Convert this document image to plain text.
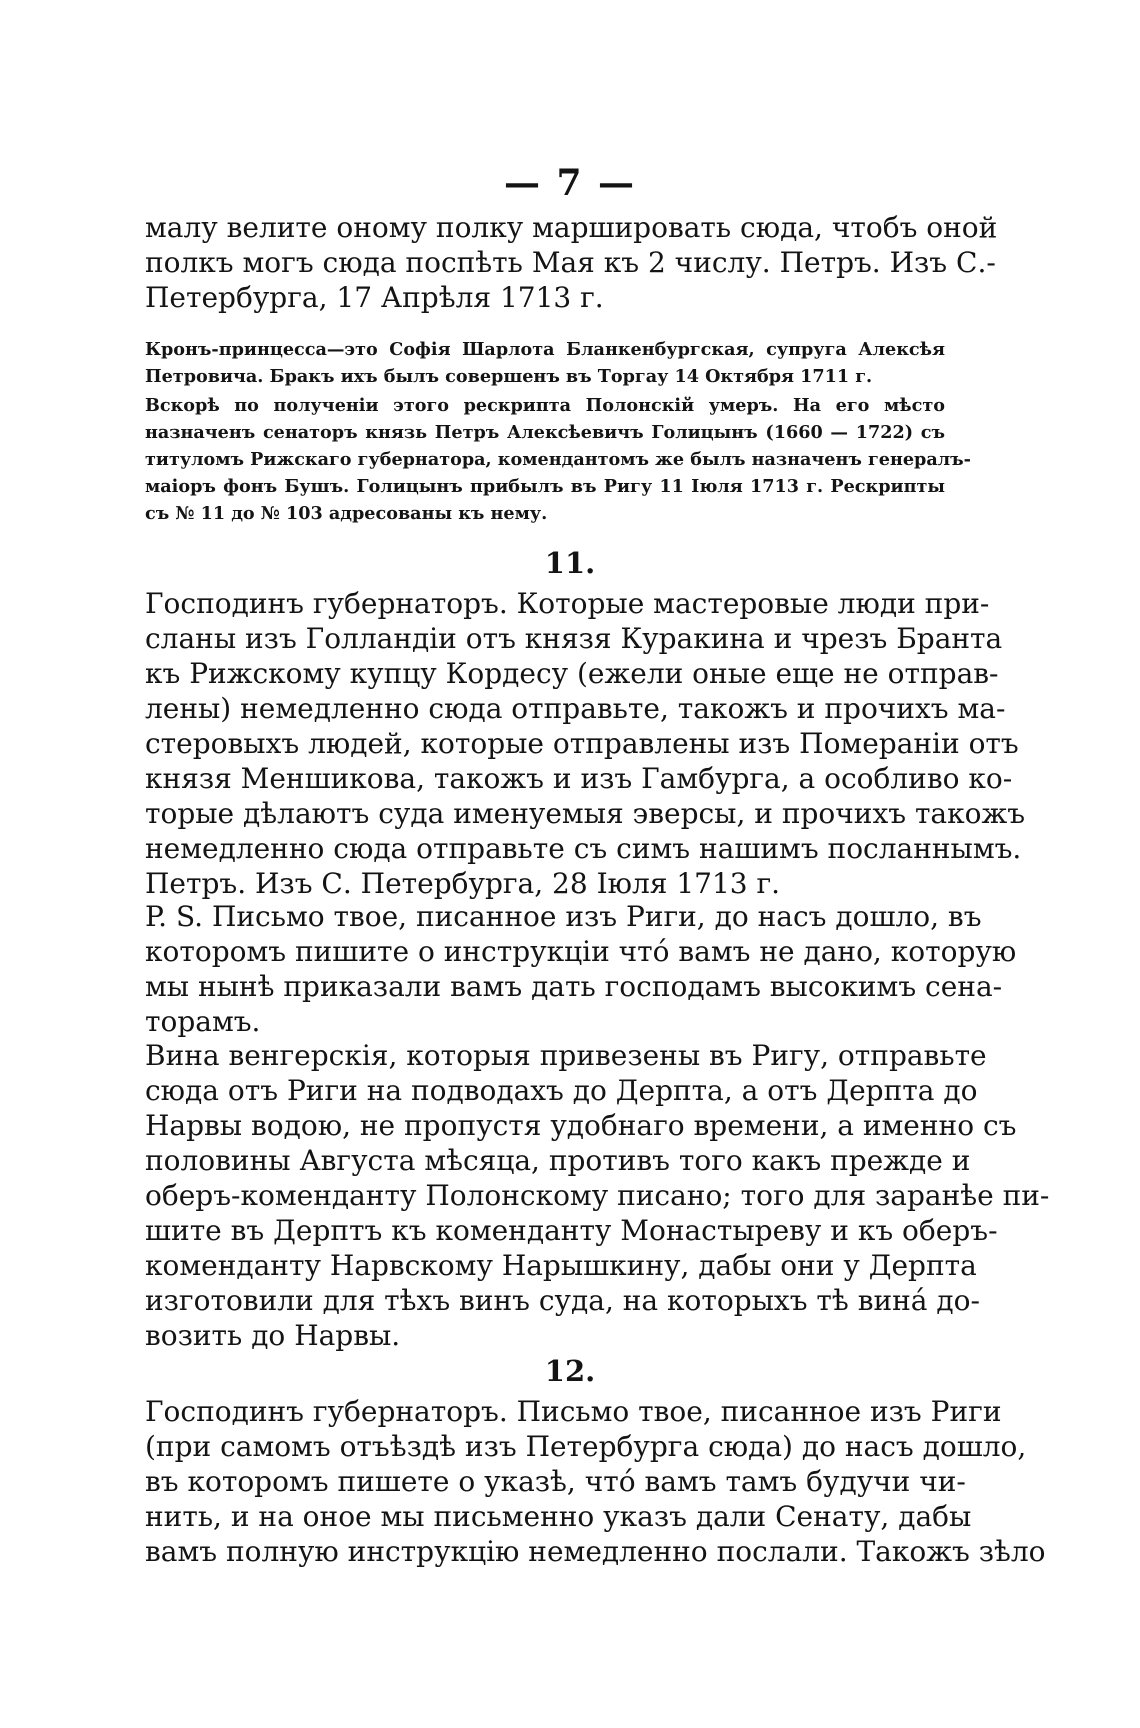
— 7 —
малу велите оному полку маршировать сюда, чтобъ оной
полкъ могъ сюда поспѣть Мая къ 2 числу. Петръ. Изъ С.-
Петербурга, 17 Апрѣля 1713 г.
Кронъ-принцесса—это Софія Шарлота Бланкенбургская, супруга Алексѣя
Петровича. Бракъ ихъ былъ совершенъ въ Торгау 14 Октября 1711 г.
Вскорѣ по полученіи этого рескрипта Полонскій умеръ. На его мѣсто
назначенъ сенаторъ князь Петръ Алексѣевичъ Голицынъ (1660 — 1722) съ
титуломъ Рижскаго губернатора, комендантомъ же былъ назначенъ генералъ-
маіоръ фонъ Бушъ. Голицынъ прибылъ въ Ригу 11 Іюля 1713 г. Рескрипты
съ № 11 до № 103 адресованы къ нему.
11.
Господинъ губернаторъ. Которые мастеровые люди при-
сланы изъ Голландіи отъ князя Куракина и чрезъ Бранта
къ Рижскому купцу Кордесу (ежели оные еще не отправ-
лены) немедленно сюда отправьте, такожъ и прочихъ ма-
стеровыхъ людей, которые отправлены изъ Помераніи отъ
князя Меншикова, такожъ и изъ Гамбурга, а особливо ко-
торые дѣлаютъ суда именуемыя эверсы, и прочихъ такожъ
немедленно сюда отправьте съ симъ нашимъ посланнымъ.
Петръ. Изъ С. Петербурга, 28 Іюля 1713 г.
P. S. Письмо твое, писанное изъ Риги, до насъ дошло, въ
которомъ пишите о инструкціи что́ вамъ не дано, которую
мы нынѣ приказали вамъ дать господамъ высокимъ сена-
торамъ.
Вина венгерскія, которыя привезены въ Ригу, отправьте
сюда отъ Риги на подводахъ до Дерпта, а отъ Дерпта до
Нарвы водою, не пропустя удобнаго времени, а именно съ
половины Августа мѣсяца, противъ того какъ прежде и
оберъ-коменданту Полонскому писано; того для заранѣе пи-
шите въ Дерптъ къ коменданту Монастыреву и къ оберъ-
коменданту Нарвскому Нарышкину, дабы они у Дерпта
изготовили для тѣхъ винъ суда, на которыхъ тѣ вина́ до-
возить до Нарвы.
12.
Господинъ губернаторъ. Письмо твое, писанное изъ Риги
(при самомъ отъѣздѣ изъ Петербурга сюда) до насъ дошло,
въ которомъ пишете о указѣ, что́ вамъ тамъ будучи чи-
нить, и на оное мы письменно указъ дали Сенату, дабы
вамъ полную инструкцію немедленно послали. Такожъ зѣло
